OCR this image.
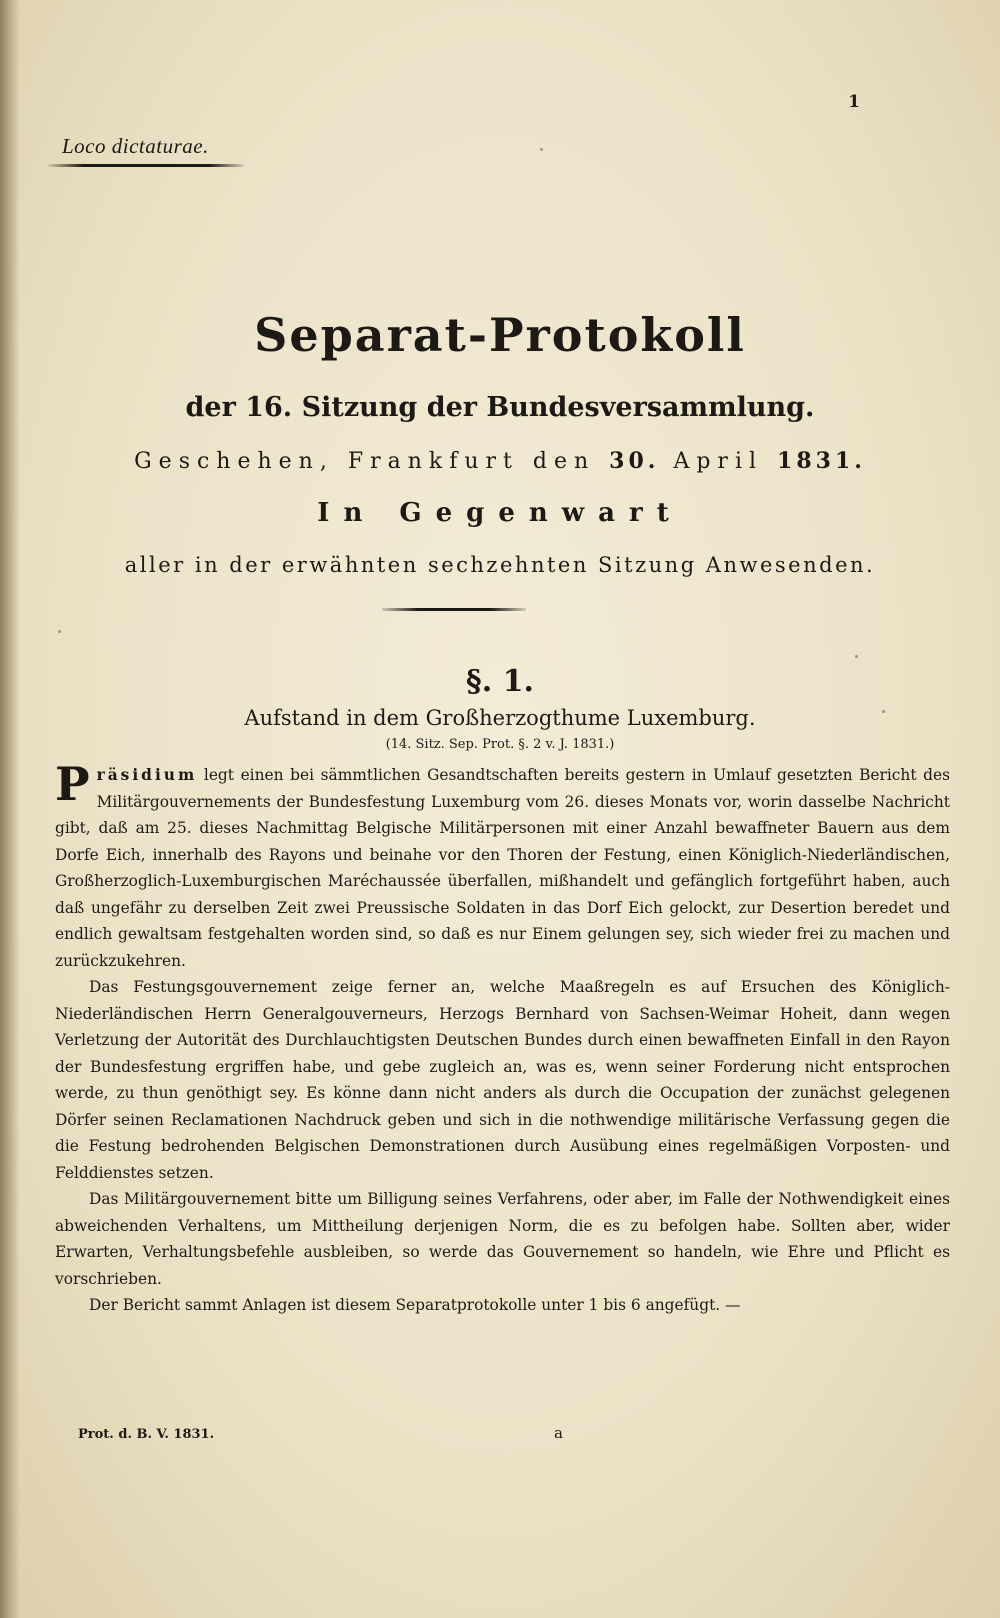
1
Loco dictaturae.
Separat-Protokoll
der 16. Sitzung der Bundesversammlung.
Geschehen, Frankfurt den 30. April 1831.
In Gegenwart
aller in der erwähnten sechzehnten Sitzung Anwesenden.
§. 1.
Aufstand in dem Großherzogthume Luxemburg.
(14. Sitz. Sep. Prot. §. 2 v. J. 1831.)

Präsidium legt einen bei sämmtlichen Gesandtschaften bereits gestern in Umlauf gesetzten Bericht des Militärgouvernements der Bundesfestung Luxemburg vom 26. dieses Monats vor, worin dasselbe Nachricht gibt, daß am 25. dieses Nachmittag Belgische Militärpersonen mit einer Anzahl bewaffneter Bauern aus dem Dorfe Eich, innerhalb des Rayons und beinahe vor den Thoren der Festung, einen Königlich-Niederländischen, Großherzoglich-Luxemburgischen Maréchaussée überfallen, mißhandelt und gefänglich fortgeführt haben, auch daß ungefähr zu derselben Zeit zwei Preussische Soldaten in das Dorf Eich gelockt, zur Desertion beredet und endlich gewaltsam festgehalten worden sind, so daß es nur Einem gelungen sey, sich wieder frei zu machen und zurückzukehren.

Das Festungsgouvernement zeige ferner an, welche Maaßregeln es auf Ersuchen des Königlich-Niederländischen Herrn Generalgouverneurs, Herzogs Bernhard von Sachsen-Weimar Hoheit, dann wegen Verletzung der Autorität des Durchlauchtigsten Deutschen Bundes durch einen bewaffneten Einfall in den Rayon der Bundesfestung ergriffen habe, und gebe zugleich an, was es, wenn seiner Forderung nicht entsprochen werde, zu thun genöthigt sey. Es könne dann nicht anders als durch die Occupation der zunächst gelegenen Dörfer seinen Reclamationen Nachdruck geben und sich in die nothwendige militärische Verfassung gegen die die Festung bedrohenden Belgischen Demonstrationen durch Ausübung eines regelmäßigen Vorposten- und Felddienstes setzen.

Das Militärgouvernement bitte um Billigung seines Verfahrens, oder aber, im Falle der Nothwendigkeit eines abweichenden Verhaltens, um Mittheilung derjenigen Norm, die es zu befolgen habe. Sollten aber, wider Erwarten, Verhaltungsbefehle ausbleiben, so werde das Gouvernement so handeln, wie Ehre und Pflicht es vorschrieben.

Der Bericht sammt Anlagen ist diesem Separatprotokolle unter 1 bis 6 angefügt. —

Prot. d. B. V. 1831.	a
